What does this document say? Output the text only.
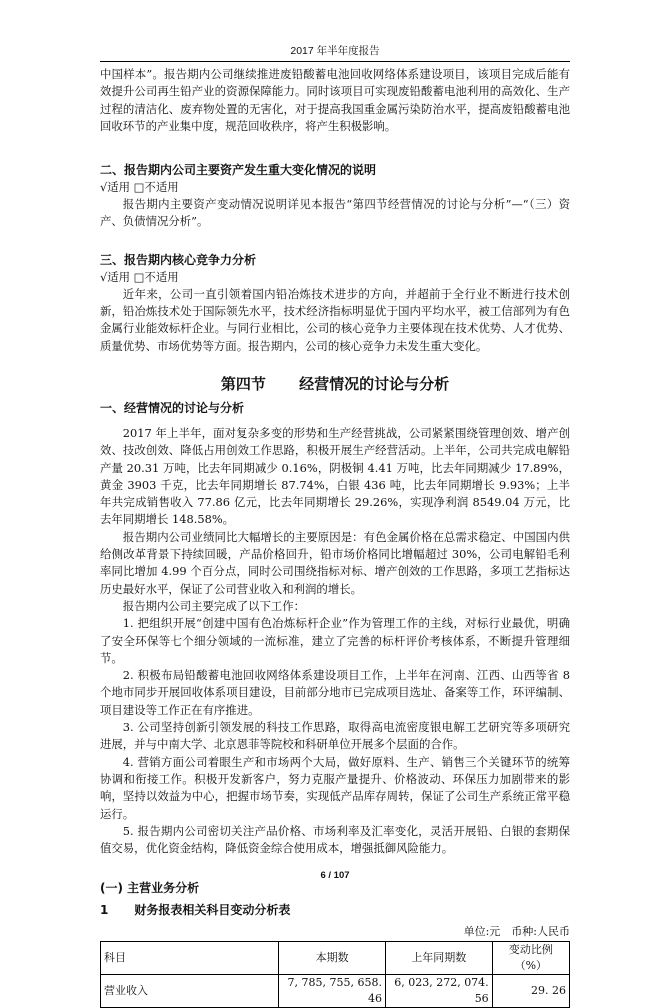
2017 年半年度报告

中国样本”。报告期内公司继续推进废铅酸蓄电池回收网络体系建设项目，该项目完成后能有效提升公司再生铅产业的资源保障能力。同时该项目可实现废铅酸蓄电池利用的高效化、生产过程的清洁化、废弃物处置的无害化，对于提高我国重金属污染防治水平，提高废铅酸蓄电池回收环节的产业集中度，规范回收秩序，将产生积极影响。

二、报告期内公司主要资产发生重大变化情况的说明
√适用 □不适用

报告期内主要资产变动情况说明详见本报告“第四节经营情况的讨论与分析”—“（三）资产、负债情况分析”。

三、报告期内核心竞争力分析
√适用 □不适用

近年来，公司一直引领着国内铅冶炼技术进步的方向，并超前于全行业不断进行技术创新，铅冶炼技术处于国际领先水平，技术经济指标明显优于国内平均水平，被工信部列为有色金属行业能效标杆企业。与同行业相比，公司的核心竞争力主要体现在技术优势、人才优势、质量优势、市场优势等方面。报告期内，公司的核心竞争力未发生重大变化。

第四节 经营情况的讨论与分析
一、经营情况的讨论与分析

2017 年上半年，面对复杂多变的形势和生产经营挑战，公司紧紧围绕管理创效、增产创效、技改创效、降低占用创效工作思路，积极开展生产经营活动。上半年，公司共完成电解铅产量 20.31 万吨，比去年同期减少 0.16%，阴极铜 4.41 万吨，比去年同期减少 17.89%，黄金 3903 千克，比去年同期增长 87.74%，白银 436 吨，比去年同期增长 9.93%；上半年共完成销售收入 77.86 亿元，比去年同期增长 29.26%，实现净利润 8549.04 万元，比去年同期增长 148.58%。

报告期内公司业绩同比大幅增长的主要原因是：有色金属价格在总需求稳定、中国国内供给侧改革背景下持续回暖，产品价格回升，铅市场价格同比增幅超过 30%，公司电解铅毛利率同比增加 4.99 个百分点，同时公司围绕指标对标、增产创效的工作思路，多项工艺指标达历史最好水平，保证了公司营业收入和利润的增长。

报告期内公司主要完成了以下工作：

1. 把组织开展“创建中国有色冶炼标杆企业”作为管理工作的主线，对标行业最优，明确了安全环保等七个细分领域的一流标准，建立了完善的标杆评价考核体系，不断提升管理细节。

2. 积极布局铅酸蓄电池回收网络体系建设项目工作，上半年在河南、江西、山西等省 8 个地市同步开展回收体系项目建设，目前部分地市已完成项目选址、备案等工作，环评编制、项目建设等工作正在有序推进。

3. 公司坚持创新引领发展的科技工作思路，取得高电流密度银电解工艺研究等多项研究进展，并与中南大学、北京恩菲等院校和科研单位开展多个层面的合作。

4. 营销方面公司着眼生产和市场两个大局，做好原料、生产、销售三个关键环节的统筹协调和衔接工作。积极开发新客户，努力克服产量提升、价格波动、环保压力加剧带来的影响，坚持以效益为中心，把握市场节奏，实现低产品库存周转，保证了公司生产系统正常平稳运行。

5. 报告期内公司密切关注产品价格、市场利率及汇率变化，灵活开展铅、白银的套期保值交易，优化资金结构，降低资金综合使用成本，增强抵御风险能力。

(一) 主营业务分析
1 财务报表相关科目变动分析表
单位:元　币种:人民币
科目	本期数	上年同期数	变动比例（%）
营业收入	7, 785, 755, 658. 46	6, 023, 272, 074. 56	29. 26
6 / 107
